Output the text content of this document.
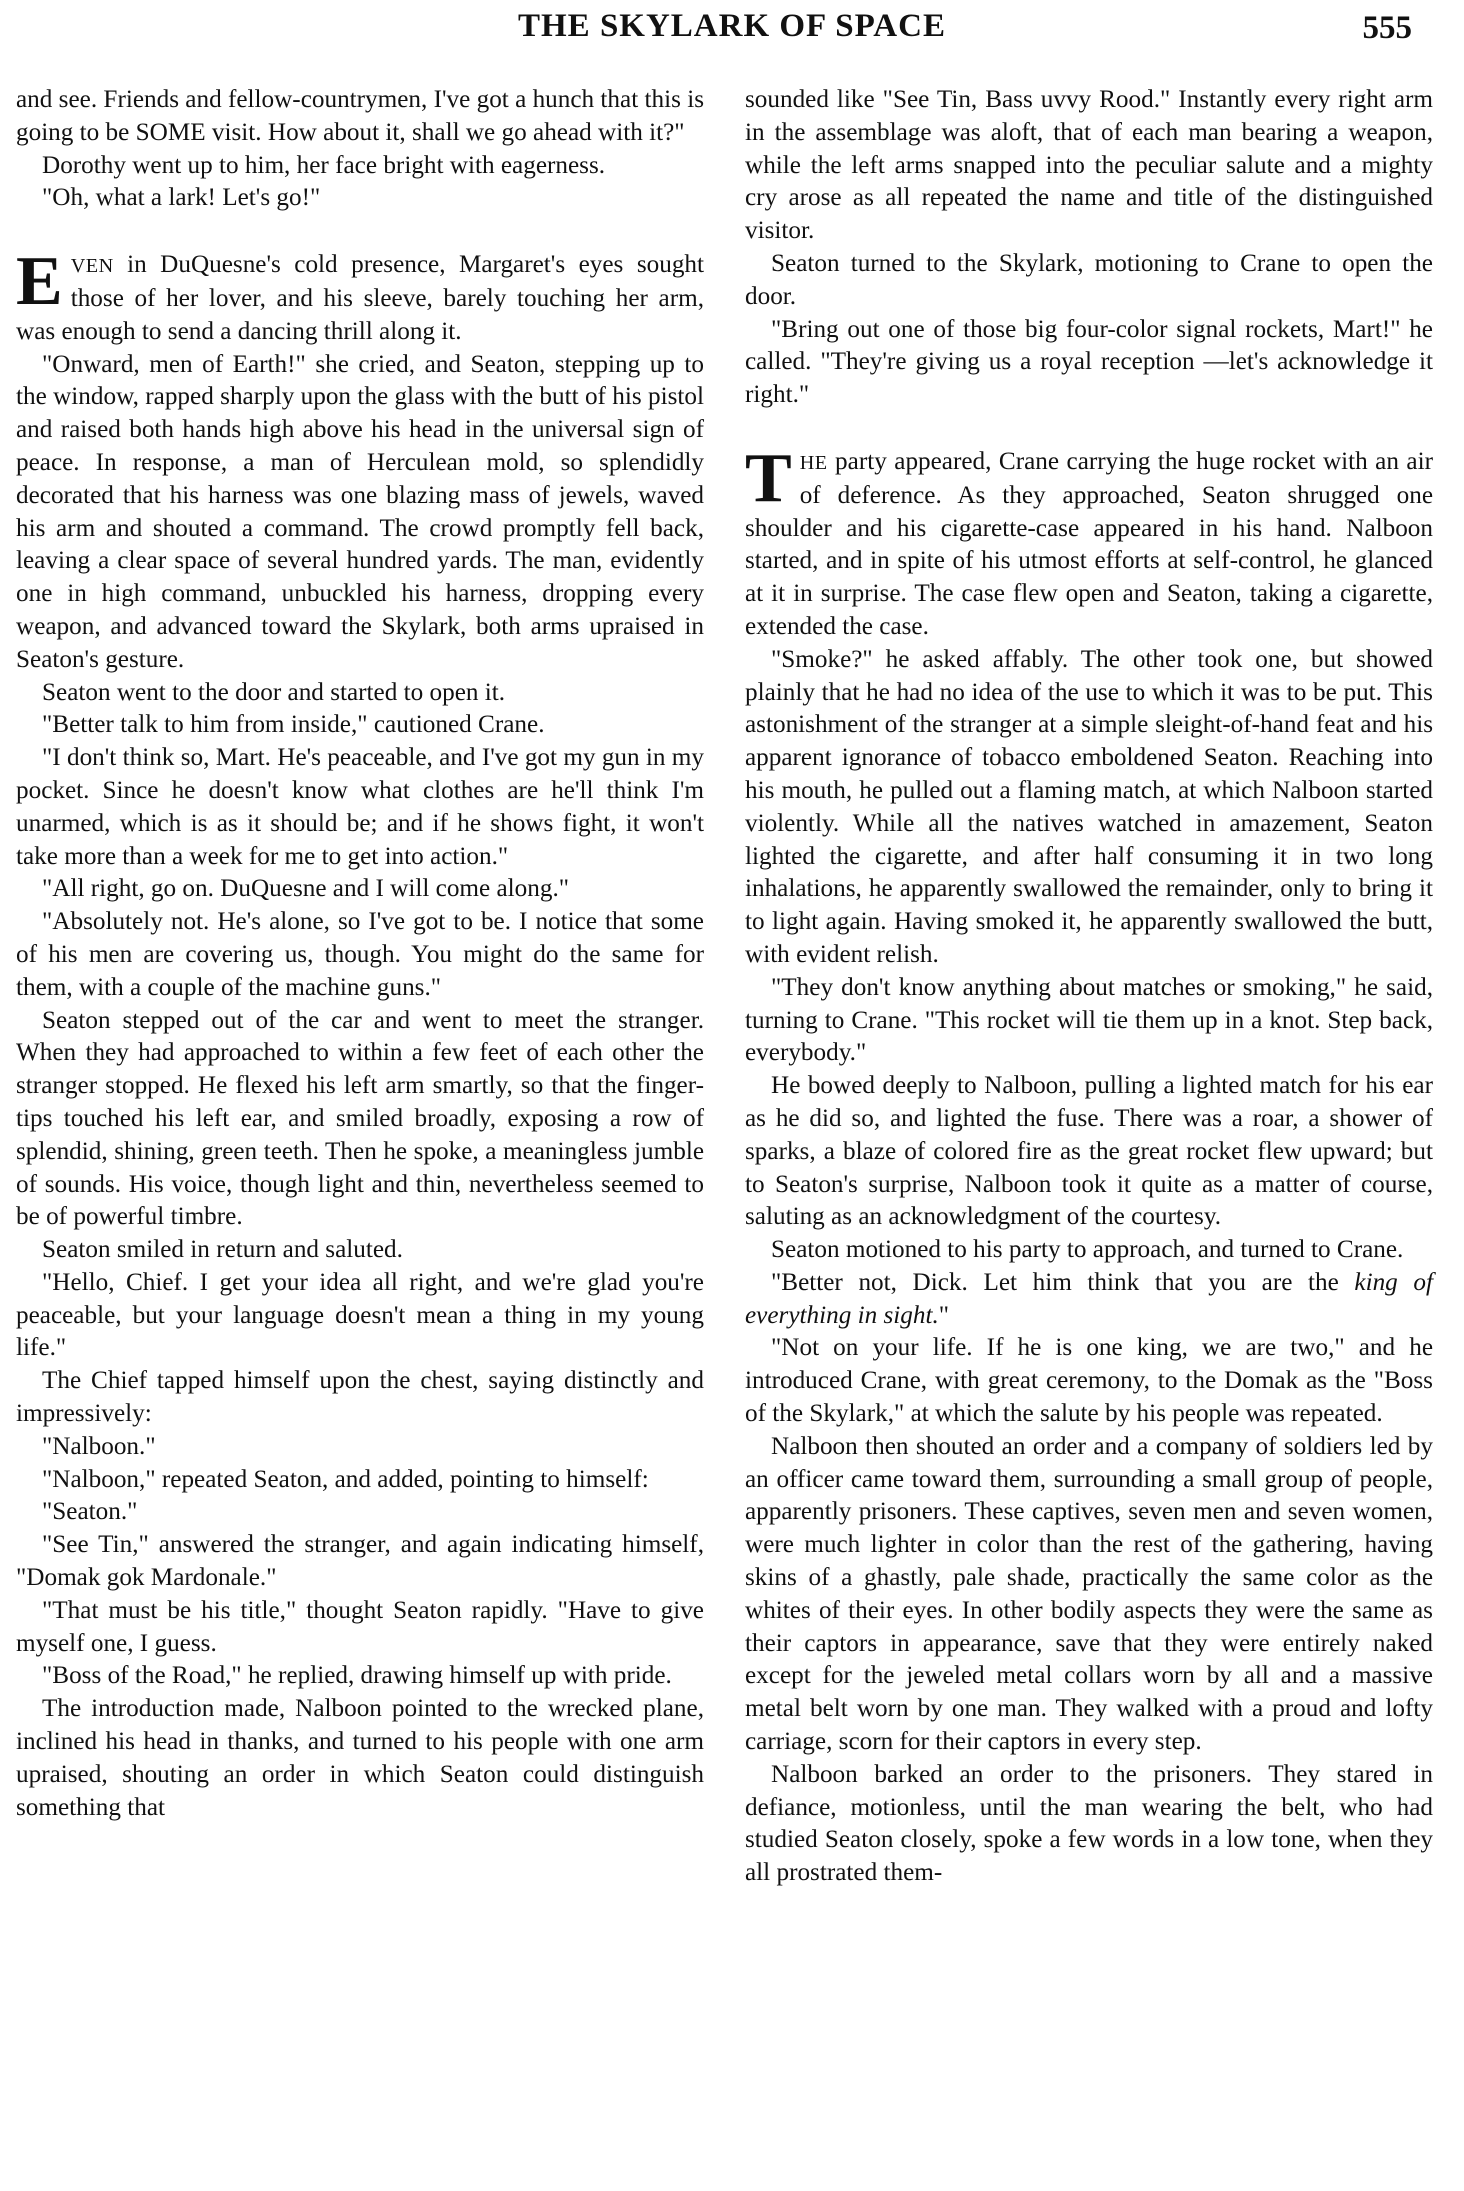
THE SKYLARK OF SPACE	555

and see. Friends and fellow-countrymen, I've got a hunch that this is going to be SOME visit. How about it, shall we go ahead with it?"

Dorothy went up to him, her face bright with eagerness.

"Oh, what a lark! Let's go!"

EVEN in DuQuesne's cold presence, Margaret's eyes sought those of her lover, and his sleeve, barely touching her arm, was enough to send a dancing thrill along it.

"Onward, men of Earth!" she cried, and Seaton, stepping up to the window, rapped sharply upon the glass with the butt of his pistol and raised both hands high above his head in the universal sign of peace. In response, a man of Herculean mold, so splendidly decorated that his harness was one blazing mass of jewels, waved his arm and shouted a command. The crowd promptly fell back, leaving a clear space of several hundred yards. The man, evidently one in high command, unbuckled his harness, dropping every weapon, and advanced toward the Skylark, both arms upraised in Seaton's gesture.

Seaton went to the door and started to open it.

"Better talk to him from inside," cautioned Crane.

"I don't think so, Mart. He's peaceable, and I've got my gun in my pocket. Since he doesn't know what clothes are he'll think I'm unarmed, which is as it should be; and if he shows fight, it won't take more than a week for me to get into action."

"All right, go on. DuQuesne and I will come along."

"Absolutely not. He's alone, so I've got to be. I notice that some of his men are covering us, though. You might do the same for them, with a couple of the machine guns."

Seaton stepped out of the car and went to meet the stranger. When they had approached to within a few feet of each other the stranger stopped. He flexed his left arm smartly, so that the finger-tips touched his left ear, and smiled broadly, exposing a row of splendid, shining, green teeth. Then he spoke, a meaningless jumble of sounds. His voice, though light and thin, nevertheless seemed to be of powerful timbre.

Seaton smiled in return and saluted.

"Hello, Chief. I get your idea all right, and we're glad you're peaceable, but your language doesn't mean a thing in my young life."

The Chief tapped himself upon the chest, saying distinctly and impressively:

"Nalboon."

"Nalboon," repeated Seaton, and added, pointing to himself:

"Seaton."

"See Tin," answered the stranger, and again indicating himself, "Domak gok Mardonale."

"That must be his title," thought Seaton rapidly. "Have to give myself one, I guess.

"Boss of the Road," he replied, drawing himself up with pride.

The introduction made, Nalboon pointed to the wrecked plane, inclined his head in thanks, and turned to his people with one arm upraised, shouting an order in which Seaton could distinguish something that

sounded like "See Tin, Bass uvvy Rood." Instantly every right arm in the assemblage was aloft, that of each man bearing a weapon, while the left arms snapped into the peculiar salute and a mighty cry arose as all repeated the name and title of the distinguished visitor.

Seaton turned to the Skylark, motioning to Crane to open the door.

"Bring out one of those big four-color signal rockets, Mart!" he called. "They're giving us a royal reception —let's acknowledge it right."

THE party appeared, Crane carrying the huge rocket with an air of deference. As they approached, Seaton shrugged one shoulder and his cigarette-case appeared in his hand. Nalboon started, and in spite of his utmost efforts at self-control, he glanced at it in surprise. The case flew open and Seaton, taking a cigarette, extended the case.

"Smoke?" he asked affably. The other took one, but showed plainly that he had no idea of the use to which it was to be put. This astonishment of the stranger at a simple sleight-of-hand feat and his apparent ignorance of tobacco emboldened Seaton. Reaching into his mouth, he pulled out a flaming match, at which Nalboon started violently. While all the natives watched in amazement, Seaton lighted the cigarette, and after half consuming it in two long inhalations, he apparently swallowed the remainder, only to bring it to light again. Having smoked it, he apparently swallowed the butt, with evident relish.

"They don't know anything about matches or smoking," he said, turning to Crane. "This rocket will tie them up in a knot. Step back, everybody."

He bowed deeply to Nalboon, pulling a lighted match for his ear as he did so, and lighted the fuse. There was a roar, a shower of sparks, a blaze of colored fire as the great rocket flew upward; but to Seaton's surprise, Nalboon took it quite as a matter of course, saluting as an acknowledgment of the courtesy.

Seaton motioned to his party to approach, and turned to Crane.

"Better not, Dick. Let him think that you are the king of everything in sight."

"Not on your life. If he is one king, we are two," and he introduced Crane, with great ceremony, to the Domak as the "Boss of the Skylark," at which the salute by his people was repeated.

Nalboon then shouted an order and a company of soldiers led by an officer came toward them, surrounding a small group of people, apparently prisoners. These captives, seven men and seven women, were much lighter in color than the rest of the gathering, having skins of a ghastly, pale shade, practically the same color as the whites of their eyes. In other bodily aspects they were the same as their captors in appearance, save that they were entirely naked except for the jeweled metal collars worn by all and a massive metal belt worn by one man. They walked with a proud and lofty carriage, scorn for their captors in every step.

Nalboon barked an order to the prisoners. They stared in defiance, motionless, until the man wearing the belt, who had studied Seaton closely, spoke a few words in a low tone, when they all prostrated them-
